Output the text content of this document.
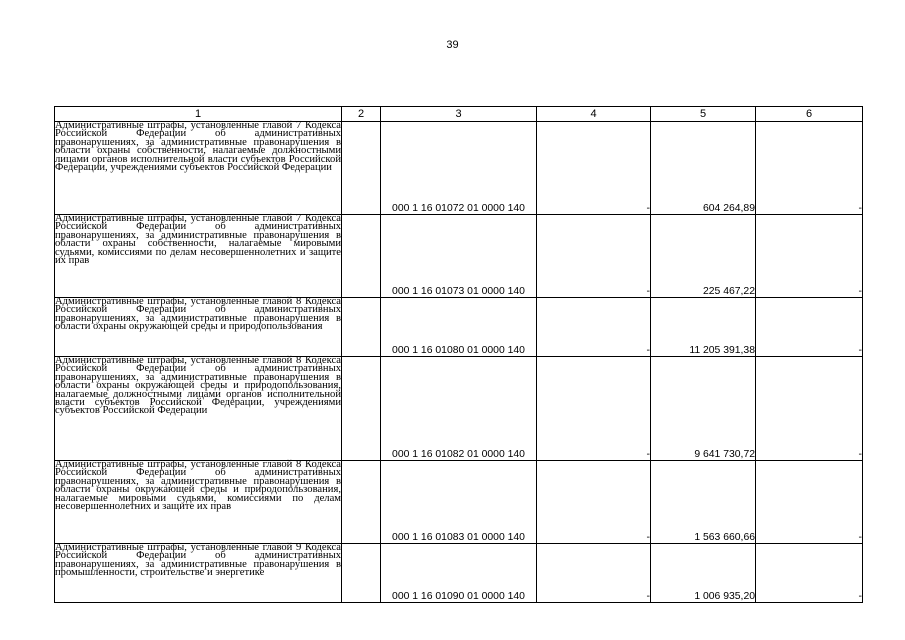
39
1	2	3	4	5	6
Административные штрафы, установленные главой 7 Кодекса Российской Федерации об административных правонарушениях, за административные правонарушения в области охраны собственности, налагаемые должностными лицами органов исполнительной власти субъектов Российской Федерации, учреждениями субъектов Российской Федерации		000 1 16 01072 01 0000 140	-	604 264,89	-
Административные штрафы, установленные главой 7 Кодекса Российской Федерации об административных правонарушениях, за административные правонарушения в области охраны собственности, налагаемые мировыми судьями, комиссиями по делам несовершеннолетних и защите их прав		000 1 16 01073 01 0000 140	-	225 467,22	-
Административные штрафы, установленные главой 8 Кодекса Российской Федерации об административных правонарушениях, за административные правонарушения в области охраны окружающей среды и природопользования		000 1 16 01080 01 0000 140	-	11 205 391,38	-
Административные штрафы, установленные главой 8 Кодекса Российской Федерации об административных правонарушениях, за административные правонарушения в области охраны окружающей среды и природопользования, налагаемые должностными лицами органов исполнительной власти субъектов Российской Федерации, учреждениями субъектов Российской Федерации		000 1 16 01082 01 0000 140	-	9 641 730,72	-
Административные штрафы, установленные главой 8 Кодекса Российской Федерации об административных правонарушениях, за административные правонарушения в области охраны окружающей среды и природопользования, налагаемые мировыми судьями, комиссиями по делам несовершеннолетних и защите их прав		000 1 16 01083 01 0000 140	-	1 563 660,66	-
Административные штрафы, установленные главой 9 Кодекса Российской Федерации об административных правонарушениях, за административные правонарушения в промышленности, строительстве и энергетике		000 1 16 01090 01 0000 140	-	1 006 935,20	-
